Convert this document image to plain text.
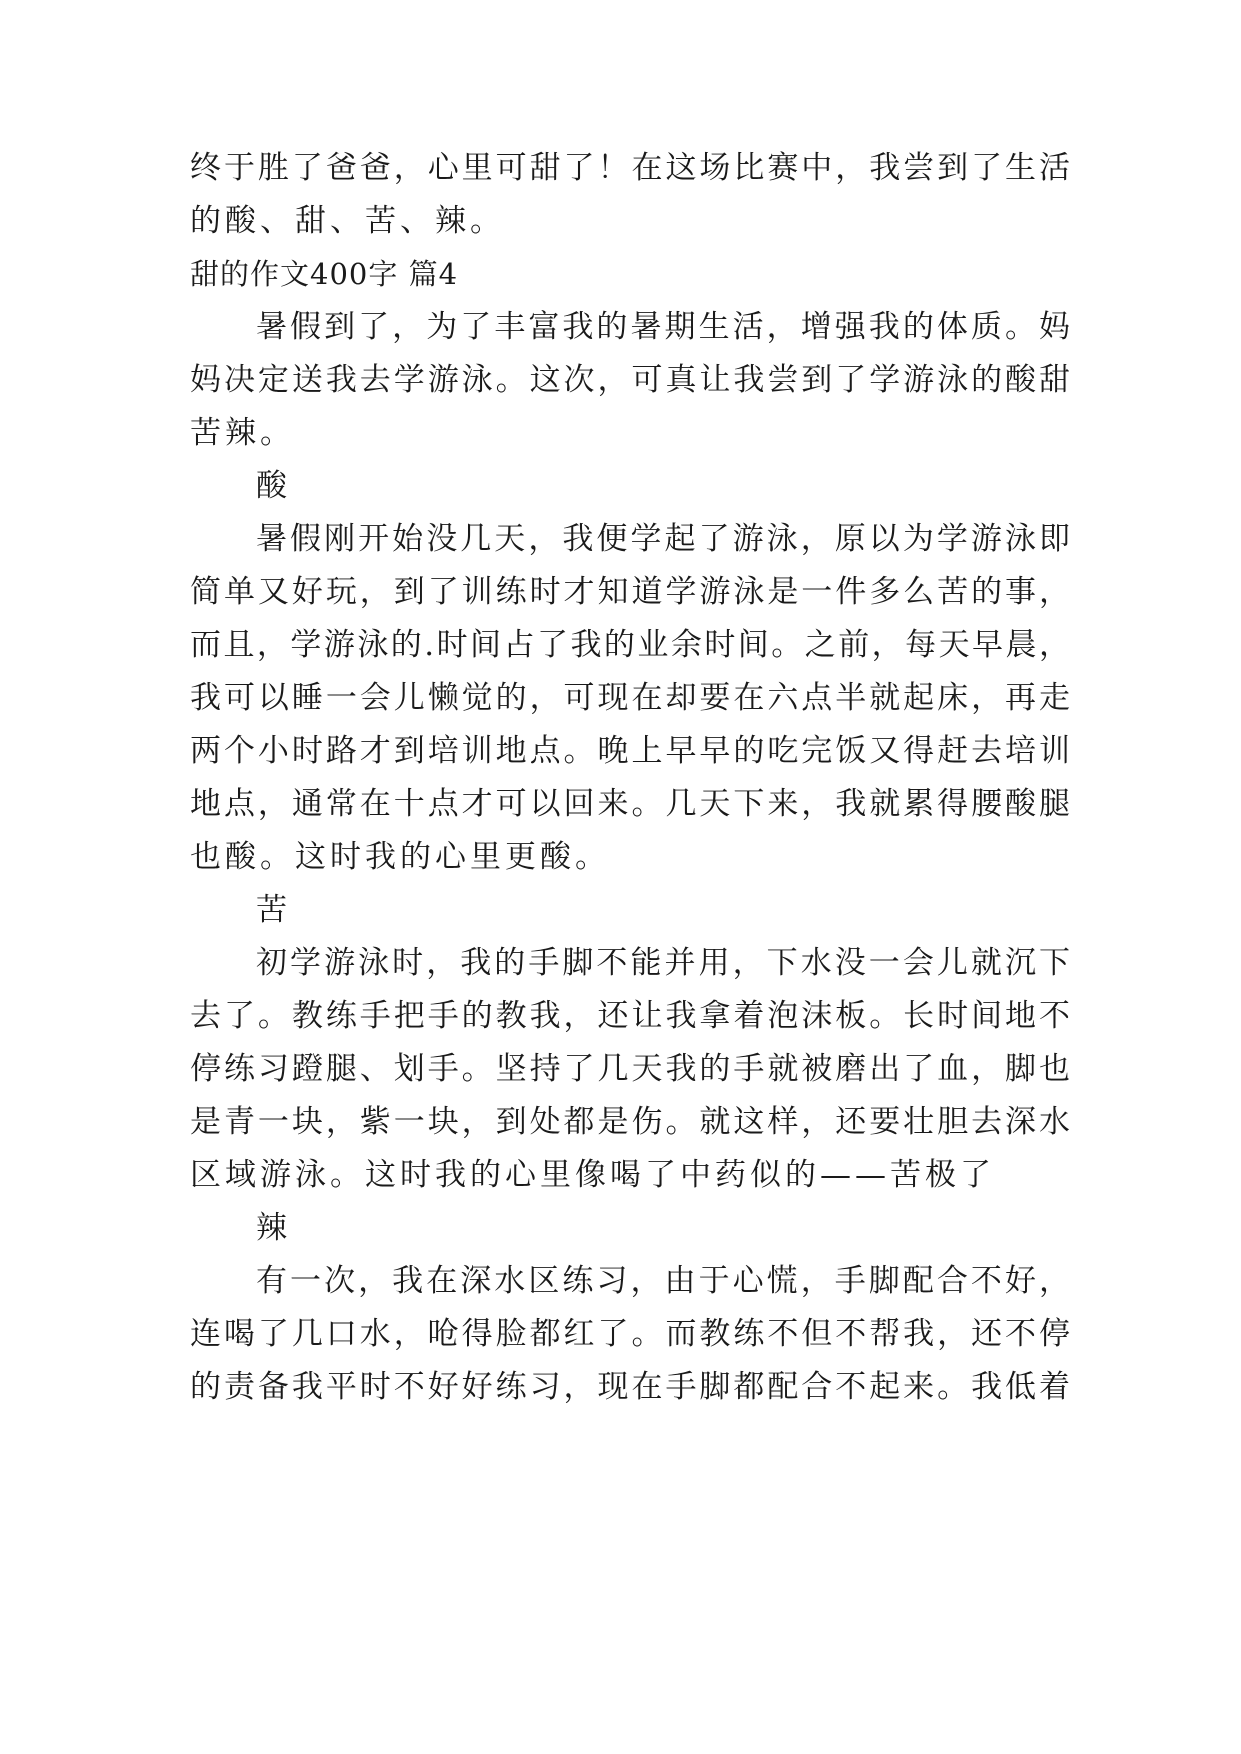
终于胜了爸爸，心里可甜了！在这场比赛中，我尝到了生活
的酸、甜、苦、辣。
甜的作文400字 篇4
暑假到了，为了丰富我的暑期生活，增强我的体质。妈
妈决定送我去学游泳。这次，可真让我尝到了学游泳的酸甜
苦辣。
酸
暑假刚开始没几天，我便学起了游泳，原以为学游泳即
简单又好玩，到了训练时才知道学游泳是一件多么苦的事，
而且，学游泳的.时间占了我的业余时间。之前，每天早晨，
我可以睡一会儿懒觉的，可现在却要在六点半就起床，再走
两个小时路才到培训地点。晚上早早的吃完饭又得赶去培训
地点，通常在十点才可以回来。几天下来，我就累得腰酸腿
也酸。这时我的心里更酸。
苦
初学游泳时，我的手脚不能并用，下水没一会儿就沉下
去了。教练手把手的教我，还让我拿着泡沫板。长时间地不
停练习蹬腿、划手。坚持了几天我的手就被磨出了血，脚也
是青一块，紫一块，到处都是伤。就这样，还要壮胆去深水
区域游泳。这时我的心里像喝了中药似的——苦极了
辣
有一次，我在深水区练习，由于心慌，手脚配合不好，
连喝了几口水，呛得脸都红了。而教练不但不帮我，还不停
的责备我平时不好好练习，现在手脚都配合不起来。我低着
